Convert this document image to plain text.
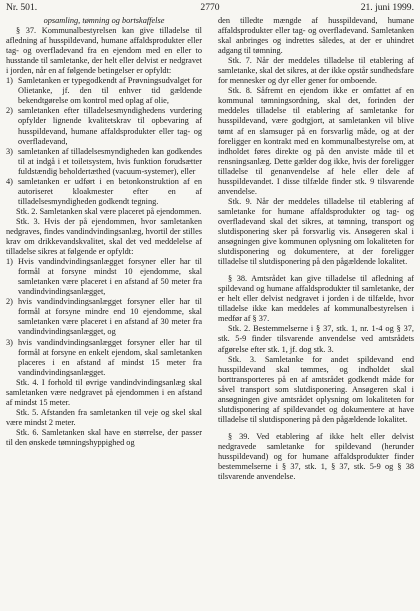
Nr. 501.	2770	21. juni 1999.

opsamling, tømning og bortskaffelse

§ 37. Kommunalbestyrelsen kan give tilladelse til afledning af husspildevand, humane affaldsprodukter eller tag- og overfladevand fra en ejendom med en eller to husstande til samletanke, der helt eller delvist er nedgravet i jorden, når en af følgende betingelser er opfyldt:

1) Samletanken er typegodkendt af Prøvningsudvalget for Olietanke, jf. den til enhver tid gældende bekendtgørelse om kontrol med oplag af olie,
2) samletanken efter tilladelsesmyndighedens vurdering opfylder lignende kvalitetskrav til opbevaring af husspildevand, humane affaldsprodukter eller tag- og overfladevand,
3) samletanken af tilladelsesmyndigheden kan godkendes til at indgå i et toiletsystem, hvis funktion forudsætter fuldstændig beholdertæthed (vacuum-systemer), eller
4) samletanken er udført i en betonkonstruktion af en autoriseret kloakmester efter en af tilladelsesmyndigheden godkendt tegning.

Stk. 2. Samletanken skal være placeret på ejendommen.

Stk. 3. Hvis der på ejendommen, hvor samletanken nedgraves, findes vandindvindingsanlæg, hvortil der stilles krav om drikkevandskvalitet, skal det ved meddelelse af tilladelse sikres at følgende er opfyldt:

1) Hvis vandindvindingsanlægget forsyner eller har til formål at forsyne mindst 10 ejendomme, skal samletanken være placeret i en afstand af 50 meter fra vandindvindingsanlægget,
2) hvis vandindvindingsanlægget forsyner eller har til formål at forsyne mindre end 10 ejendomme, skal samletanken være placeret i en afstand af 30 meter fra vandindvindingsanlægget, og
3) hvis vandindvindingsanlægget forsyner eller har til formål at forsyne en enkelt ejendom, skal samletanken placeres i en afstand af mindst 15 meter fra vandindvindingsanlægget.

Stk. 4. I forhold til øvrige vandindvindingsanlæg skal samletanken være nedgravet på ejendommen i en afstand af mindst 15 meter.

Stk. 5. Afstanden fra samletanken til veje og skel skal være mindst 2 meter.

Stk. 6. Samletanken skal have en størrelse, der passer til den ønskede tømningshyppighed og

den tilledte mængde af husspildevand, humane affaldsprodukter eller tag- og overfladevand. Samletanken skal anbringes og indrettes således, at der er uhindret adgang til tømning.

Stk. 7. Når der meddeles tilladelse til etablering af samletanke, skal det sikres, at der ikke opstår sundhedsfare for mennesker og dyr eller gener for omboende.

Stk. 8. Såfremt en ejendom ikke er omfattet af en kommunal tømningsordning, skal det, forinden der meddeles tilladelse til etablering af samletanke for husspildevand, være godtgjort, at samletanken vil blive tømt af en slamsuger på en forsvarlig måde, og at der foreligger en kontrakt med en kommunalbestyrelse om, at indholdet føres direkte og på den anviste måde til et rensningsanlæg. Dette gælder dog ikke, hvis der foreligger tilladelse til genanvendelse af hele eller dele af husspildevandet. I disse tilfælde finder stk. 9 tilsvarende anvendelse.

Stk. 9. Når der meddeles tilladelse til etablering af samletanke for humane affaldsprodukter og tag- og overfladevand skal det sikres, at tømning, transport og slutdisponering sker på forsvarlig vis. Ansøgeren skal i ansøgningen give kommunen oplysning om lokaliteten for slutdisponering og dokumentere, at der foreligger tilladelse til slutdisponering på den pågældende lokalitet.

§ 38. Amtsrådet kan give tilladelse til afledning af spildevand og humane affaldsprodukter til samletanke, der er helt eller delvist nedgravet i jorden i de tilfælde, hvor tilladelse ikke kan meddeles af kommunalbestyrelsen i medfør af § 37.

Stk. 2. Bestemmelserne i § 37, stk. 1, nr. 1-4 og § 37, stk. 5-9 finder tilsvarende anvendelse ved amtsrådets afgørelse efter stk. 1, jf. dog stk. 3.

Stk. 3. Samletanke for andet spildevand end husspildevand skal tømmes, og indholdet skal borttransporteres på en af amtsrådet godkendt måde for såvel transport som slutdisponering. Ansøgeren skal i ansøgningen give amtsrådet oplysning om lokaliteten for slutdisponering af spildevandet og dokumentere at have tilladelse til slutdisponering på den pågældende lokalitet.

§ 39. Ved etablering af ikke helt eller delvist nedgravede samletanke for spildevand (herunder husspildevand) og for humane affaldsprodukter finder bestemmelserne i § 37, stk. 1, § 37, stk. 5-9 og § 38 tilsvarende anvendelse.
